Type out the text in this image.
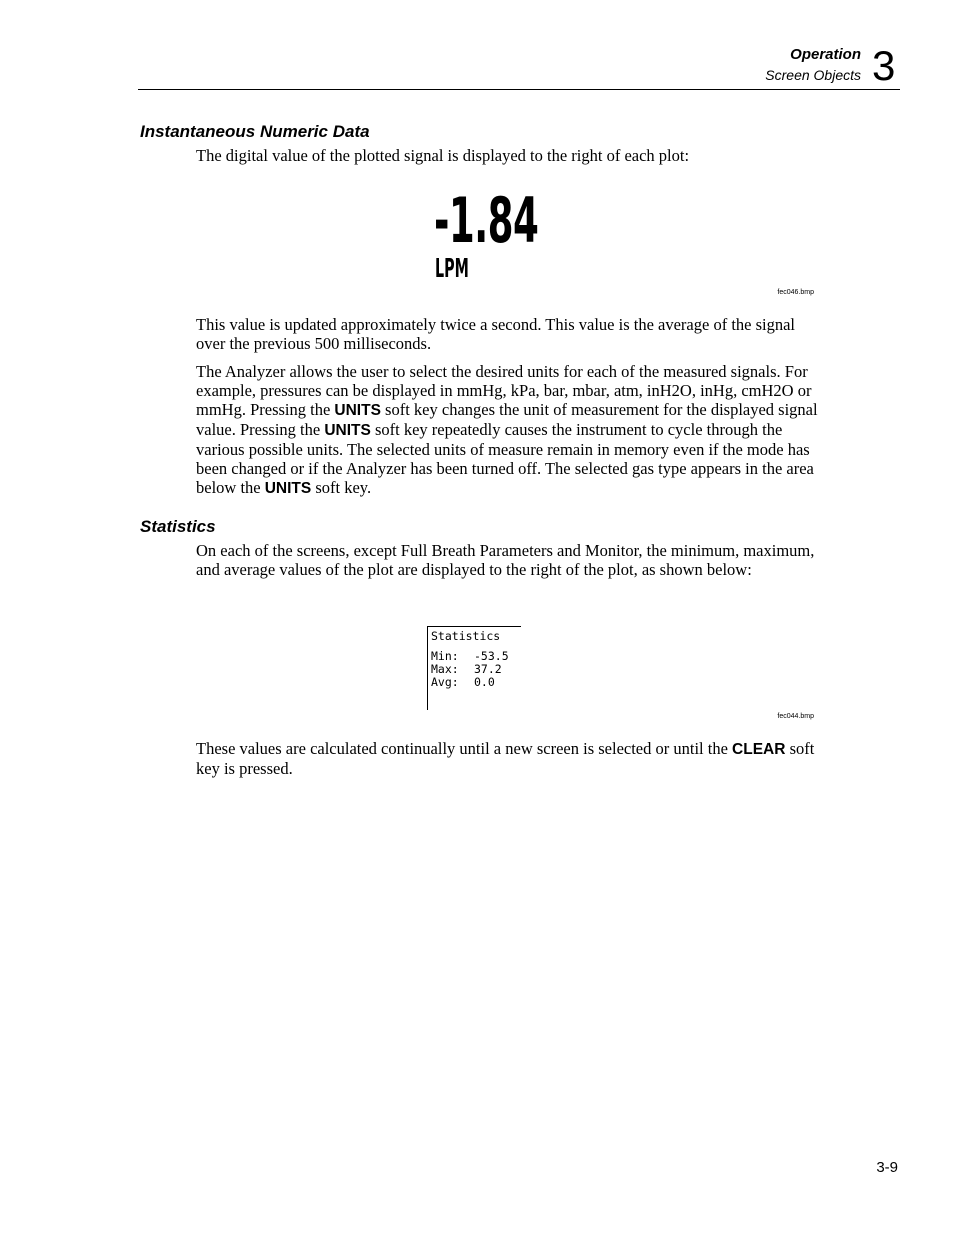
Operation
Screen Objects 3
Instantaneous Numeric Data

The digital value of the plotted signal is displayed to the right of each plot:

-1.84
LPM
fec046.bmp

This value is updated approximately twice a second. This value is the average of the signal over the previous 500 milliseconds.

The Analyzer allows the user to select the desired units for each of the measured signals. For example, pressures can be displayed in mmHg, kPa, bar, mbar, atm, inH2O, inHg, cmH2O or mmHg. Pressing the UNITS soft key changes the unit of measurement for the displayed signal value. Pressing the UNITS soft key repeatedly causes the instrument to cycle through the various possible units. The selected units of measure remain in memory even if the mode has been changed or if the Analyzer has been turned off. The selected gas type appears in the area below the UNITS soft key.

Statistics

On each of the screens, except Full Breath Parameters and Monitor, the minimum, maximum, and average values of the plot are displayed to the right of the plot, as shown below:

Statistics
Min: -53.5
Max: 37.2
Avg: 0.0
fec044.bmp

These values are calculated continually until a new screen is selected or until the CLEAR soft key is pressed.

3-9
